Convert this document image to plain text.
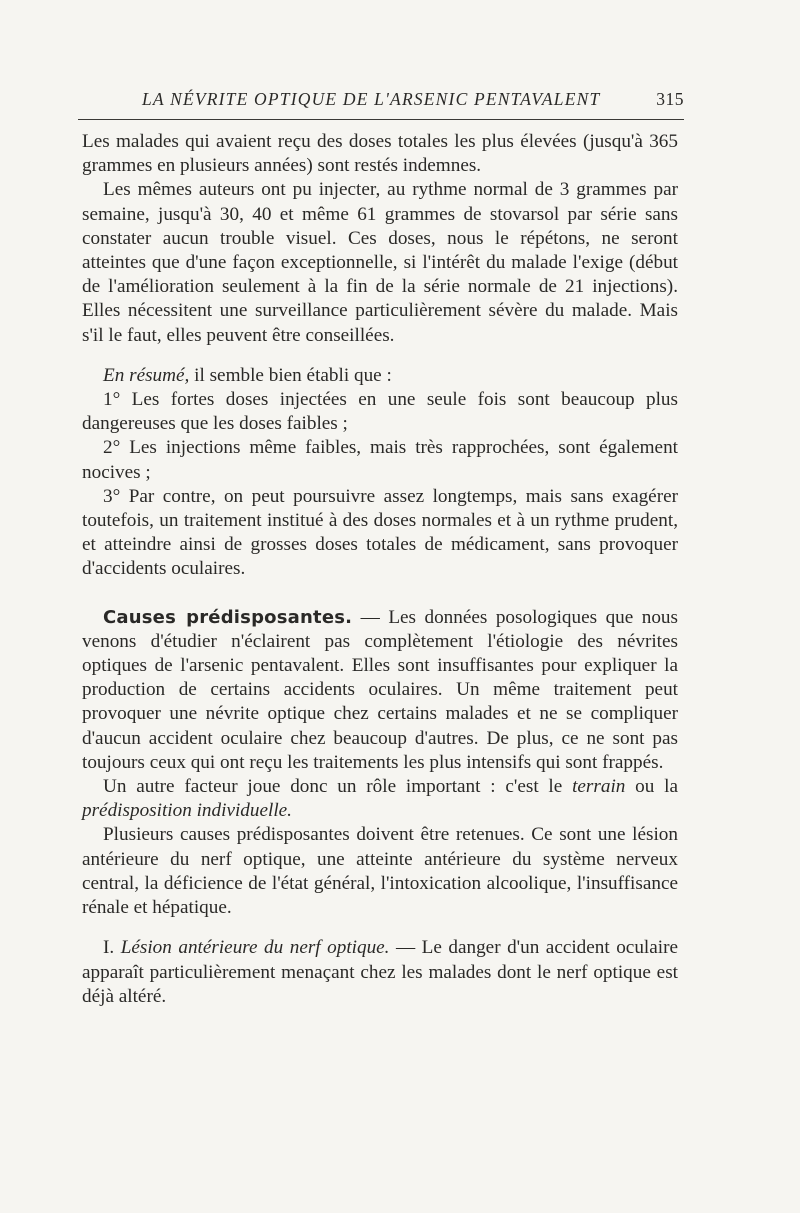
LA NÉVRITE OPTIQUE DE L'ARSENIC PENTAVALENT	315

Les malades qui avaient reçu des doses totales les plus élevées (jusqu'à 365 grammes en plusieurs années) sont restés indemnes.

Les mêmes auteurs ont pu injecter, au rythme normal de 3 grammes par semaine, jusqu'à 30, 40 et même 61 grammes de stovarsol par série sans constater aucun trouble visuel. Ces doses, nous le répétons, ne seront atteintes que d'une façon exceptionnelle, si l'intérêt du malade l'exige (début de l'amélioration seulement à la fin de la série normale de 21 injections). Elles nécessitent une surveillance particulièrement sévère du malade. Mais s'il le faut, elles peuvent être conseillées.

En résumé, il semble bien établi que :

1° Les fortes doses injectées en une seule fois sont beaucoup plus dangereuses que les doses faibles ;

2° Les injections même faibles, mais très rapprochées, sont également nocives ;

3° Par contre, on peut poursuivre assez longtemps, mais sans exagérer toutefois, un traitement institué à des doses normales et à un rythme prudent, et atteindre ainsi de grosses doses totales de médicament, sans provoquer d'accidents oculaires.

Causes prédisposantes. — Les données posologiques que nous venons d'étudier n'éclairent pas complètement l'étiologie des névrites optiques de l'arsenic pentavalent. Elles sont insuffisantes pour expliquer la production de certains accidents oculaires. Un même traitement peut provoquer une névrite optique chez certains malades et ne se compliquer d'aucun accident oculaire chez beaucoup d'autres. De plus, ce ne sont pas toujours ceux qui ont reçu les traitements les plus intensifs qui sont frappés.

Un autre facteur joue donc un rôle important : c'est le terrain ou la prédisposition individuelle.

Plusieurs causes prédisposantes doivent être retenues. Ce sont une lésion antérieure du nerf optique, une atteinte antérieure du système nerveux central, la déficience de l'état général, l'intoxication alcoolique, l'insuffisance rénale et hépatique.

I. Lésion antérieure du nerf optique. — Le danger d'un accident oculaire apparaît particulièrement menaçant chez les malades dont le nerf optique est déjà altéré.
